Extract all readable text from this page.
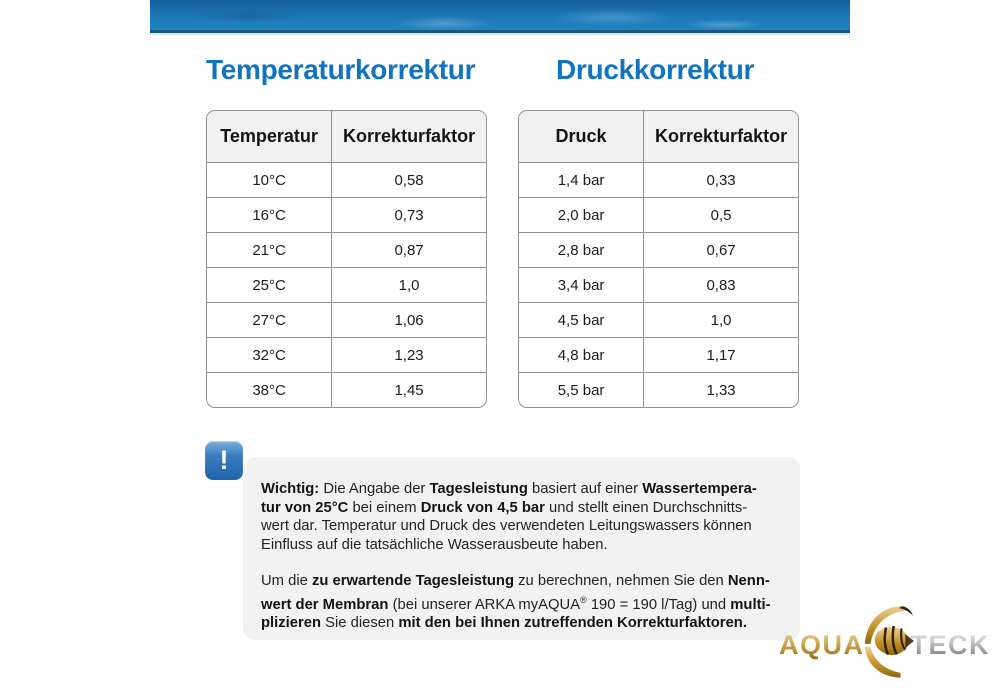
Temperaturkorrektur	Druckkorrektur
Temperatur	Korrekturfaktor
10°C	0,58
16°C	0,73
21°C	0,87
25°C	1,0
27°C	1,06
32°C	1,23
38°C	1,45
Druck	Korrekturfaktor
1,4 bar	0,33
2,0 bar	0,5
2,8 bar	0,67
3,4 bar	0,83
4,5 bar	1,0
4,8 bar	1,17
5,5 bar	1,33
!

Wichtig: Die Angabe der Tagesleistung basiert auf einer Wassertempera-
tur von 25°C bei einem Druck von 4,5 bar und stellt einen Durchschnitts-
wert dar. Temperatur und Druck des verwendeten Leitungswassers können
Einfluss auf die tatsächliche Wasserausbeute haben.

Um die zu erwartende Tagesleistung zu berechnen, nehmen Sie den Nenn-
wert der Membran (bei unserer ARKA myAQUA® 190 = 190 l/Tag) und multi-
plizieren Sie diesen mit den bei Ihnen zutreffenden Korrekturfaktoren.

AQUA TECK
